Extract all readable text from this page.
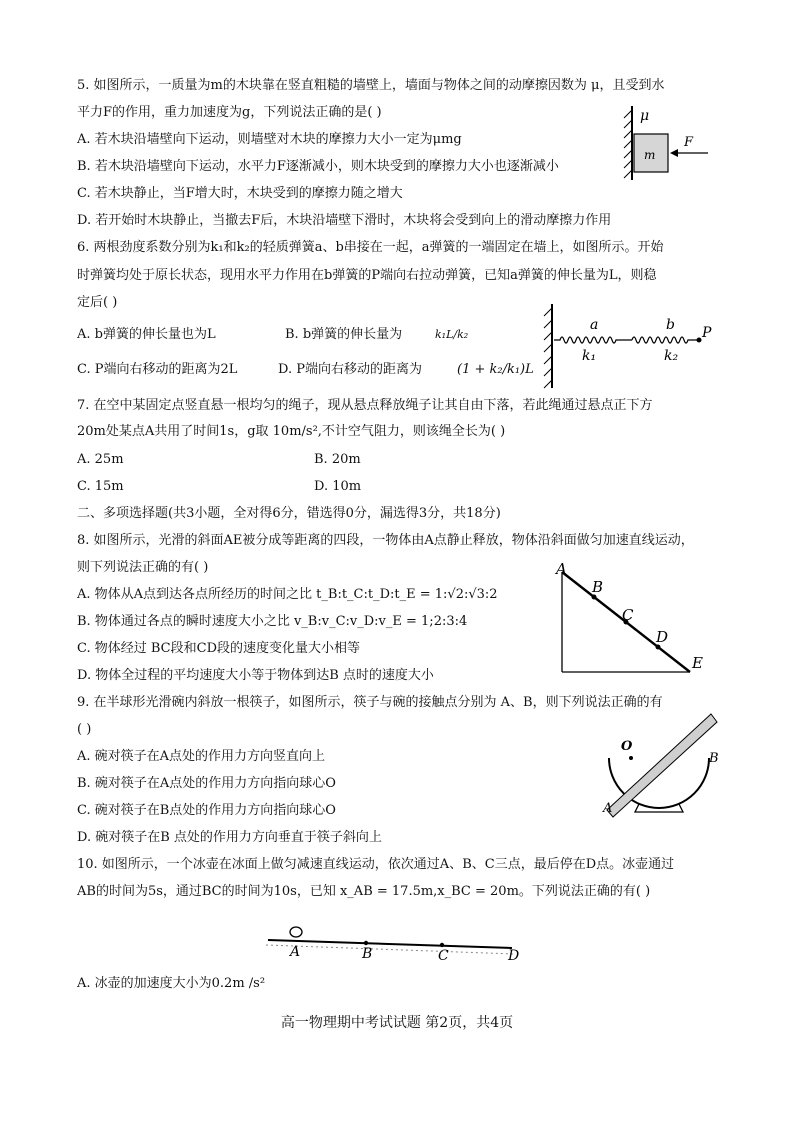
5. 如图所示，一质量为m的木块靠在竖直粗糙的墙壁上，墙面与物体之间的动摩擦因数为 μ，且受到水
平力F的作用，重力加速度为g，下列说法正确的是( )
A. 若木块沿墙壁向下运动，则墙壁对木块的摩擦力大小一定为μmg
B. 若木块沿墙壁向下运动，水平力F逐渐减小，则木块受到的摩擦力大小也逐渐减小
C. 若木块静止，当F增大时，木块受到的摩擦力随之增大
D. 若开始时木块静止，当撤去F后，木块沿墙壁下滑时，木块将会受到向上的滑动摩擦力作用
m
μ
F
6. 两根劲度系数分别为k₁和k₂的轻质弹簧a、b串接在一起，a弹簧的一端固定在墙上，如图所示。开始
时弹簧均处于原长状态，现用水平力作用在b弹簧的P端向右拉动弹簧，已知a弹簧的伸长量为L，则稳
定后( )
A. b弹簧的伸长量也为L	B. b弹簧的伸长量为	k₁L/k₂
C. P端向右移动的距离为2L	D. P端向右移动的距离为	(1 + k₂/k₁)L
a	b P
k₁	k₂
7. 在空中某固定点竖直悬一根均匀的绳子，现从悬点释放绳子让其自由下落，若此绳通过悬点正下方
20m处某点A共用了时间1s，g取 10m/s²,不计空气阻力，则该绳全长为( )
A. 25m	B. 20m
C. 15m	D. 10m
二、多项选择题(共3小题，全对得6分，错选得0分，漏选得3分，共18分)
8. 如图所示，光滑的斜面AE被分成等距离的四段，一物体由A点静止释放，物体沿斜面做匀加速直线运动，
则下列说法正确的有( )
A. 物体从A点到达各点所经历的时间之比 t_B:t_C:t_D:t_E = 1:√2:√3:2
B. 物体通过各点的瞬时速度大小之比 v_B:v_C:v_D:v_E = 1;2:3:4
C. 物体经过 BC段和CD段的速度变化量大小相等
D. 物体全过程的平均速度大小等于物体到达B 点时的速度大小
A
B
C
D
E
9. 在半球形光滑碗内斜放一根筷子，如图所示，筷子与碗的接触点分别为 A、B，则下列说法正确的有
( )
A. 碗对筷子在A点处的作用力方向竖直向上
B. 碗对筷子在A点处的作用力方向指向球心O
C. 碗对筷子在B点处的作用力方向指向球心O
D. 碗对筷子在B 点处的作用力方向垂直于筷子斜向上
O
B
A
10. 如图所示，一个冰壶在冰面上做匀减速直线运动，依次通过A、B、C三点，最后停在D点。冰壶通过
AB的时间为5s，通过BC的时间为10s，已知 x_AB = 17.5m,x_BC = 20m。下列说法正确的有( )
A	B	C	D
A. 冰壶的加速度大小为0.2m /s²
高一物理期中考试试题 第2页，共4页
